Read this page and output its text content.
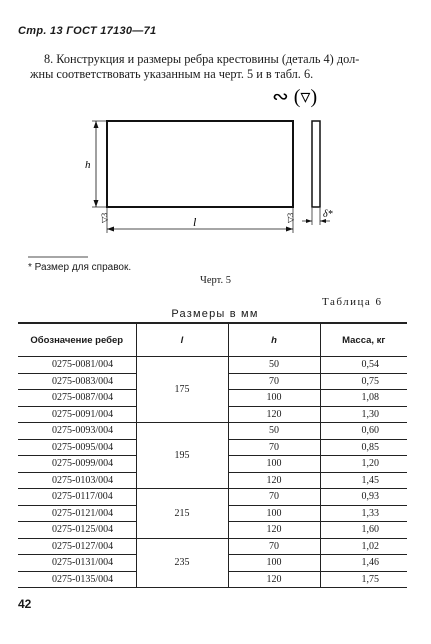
Стр. 13 ГОСТ 17130—71
8. Конструкция и размеры ребра крестовины (деталь 4) дол-
жны соответствовать указанным на черт. 5 и в табл. 6.
∾ (▿)
h
l
▽3	▽3	δ*
* Размер для справок.
Черт. 5
Таблица 6
Размеры в мм
Обозначение ребер	l	h	Масса, кг
0275-0081/004	175	50	0,54
0275-0083/004		70	0,75
0275-0087/004		100	1,08
0275-0091/004		120	1,30
0275-0093/004	195	50	0,60
0275-0095/004		70	0,85
0275-0099/004		100	1,20
0275-0103/004		120	1,45
0275-0117/004	215	70	0,93
0275-0121/004		100	1,33
0275-0125/004		120	1,60
0275-0127/004	235	70	1,02
0275-0131/004		100	1,46
0275-0135/004		120	1,75
42
